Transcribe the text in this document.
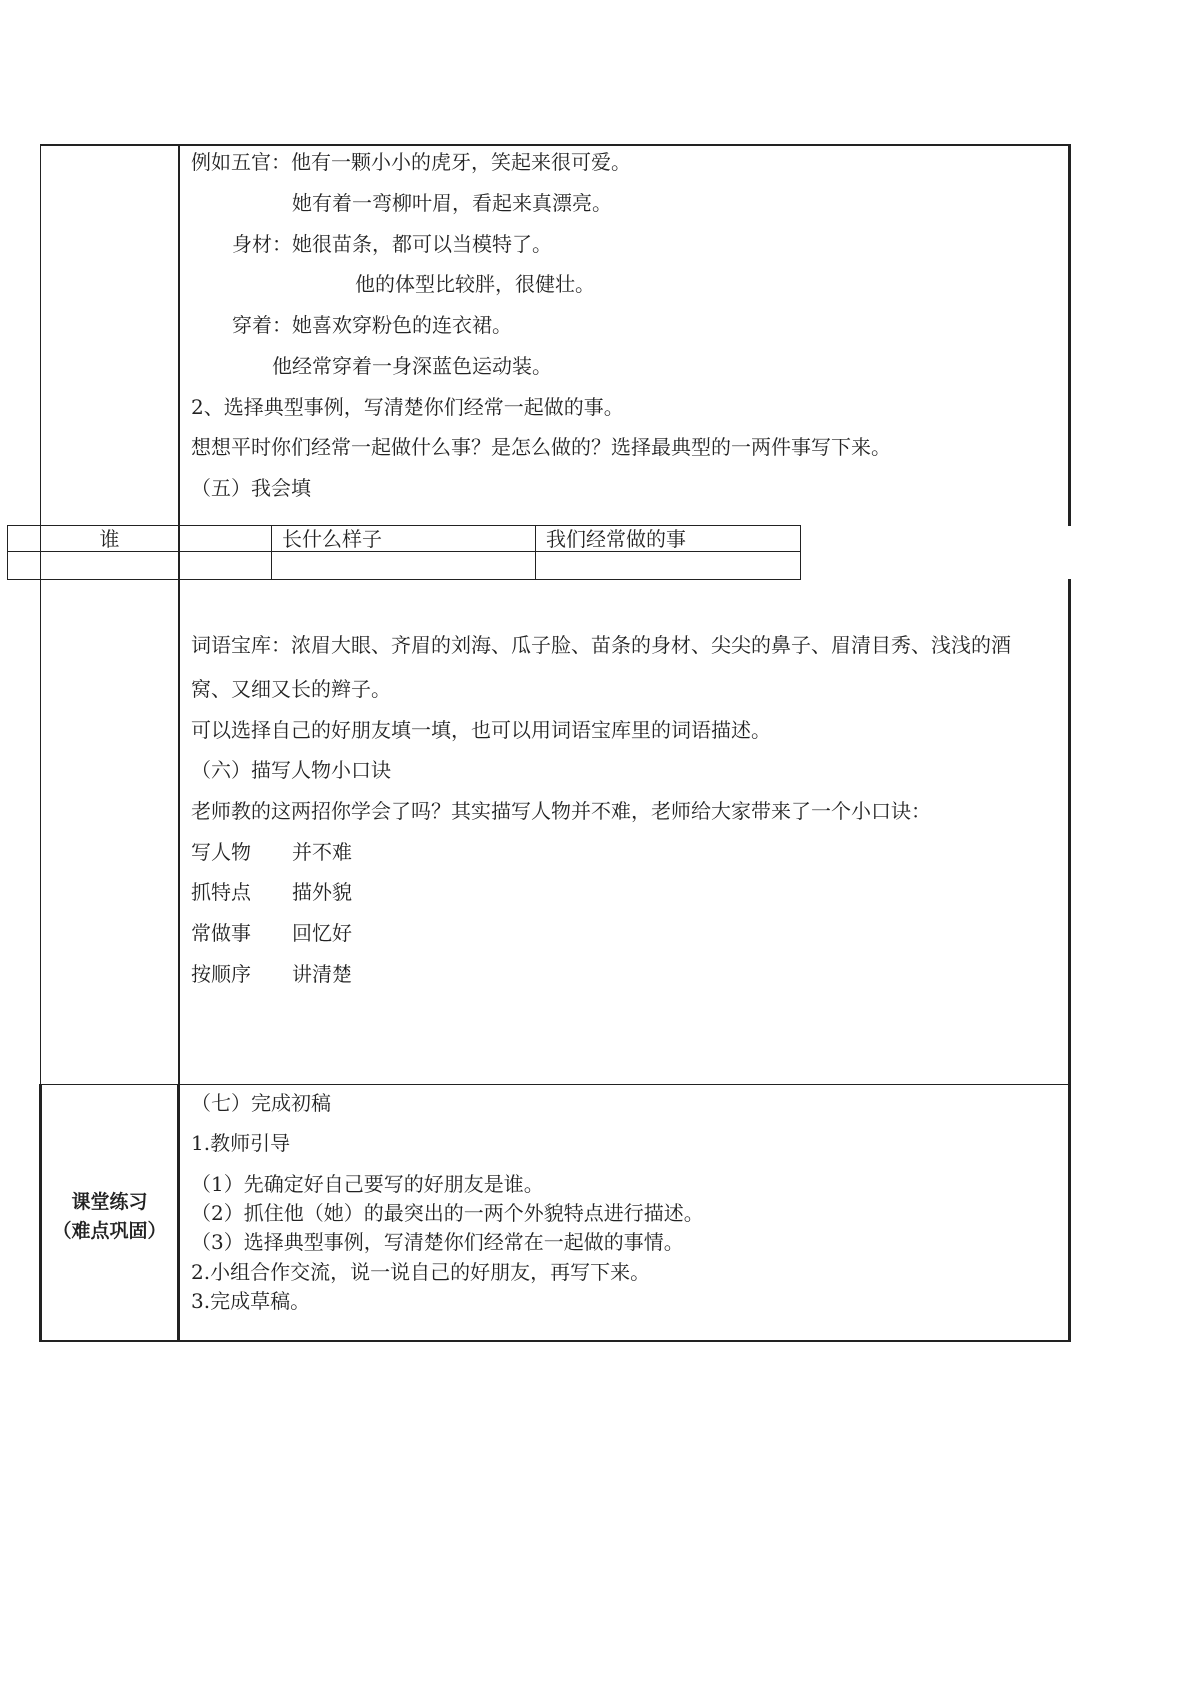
例如五官：他有一颗小小的虎牙，笑起来很可爱。
她有着一弯柳叶眉，看起来真漂亮。
身材：她很苗条，都可以当模特了。
他的体型比较胖，很健壮。
穿着：她喜欢穿粉色的连衣裙。
他经常穿着一身深蓝色运动装。
2、选择典型事例，写清楚你们经常一起做的事。
想想平时你们经常一起做什么事？是怎么做的？选择最典型的一两件事写下来。
（五）我会填
谁	长什么样子	我们经常做的事
词语宝库：浓眉大眼、齐眉的刘海、瓜子脸、苗条的身材、尖尖的鼻子、眉清目秀、浅浅的酒
窝、又细又长的辫子。
可以选择自己的好朋友填一填，也可以用词语宝库里的词语描述。
（六）描写人物小口诀
老师教的这两招你学会了吗？其实描写人物并不难，老师给大家带来了一个小口诀：
写人物 并不难
抓特点 描外貌
常做事 回忆好
按顺序 讲清楚
课堂练习
（难点巩固）
（七）完成初稿
1.教师引导
（1）先确定好自己要写的好朋友是谁。
（2）抓住他（她）的最突出的一两个外貌特点进行描述。
（3）选择典型事例，写清楚你们经常在一起做的事情。
2.小组合作交流，说一说自己的好朋友，再写下来。
3.完成草稿。
